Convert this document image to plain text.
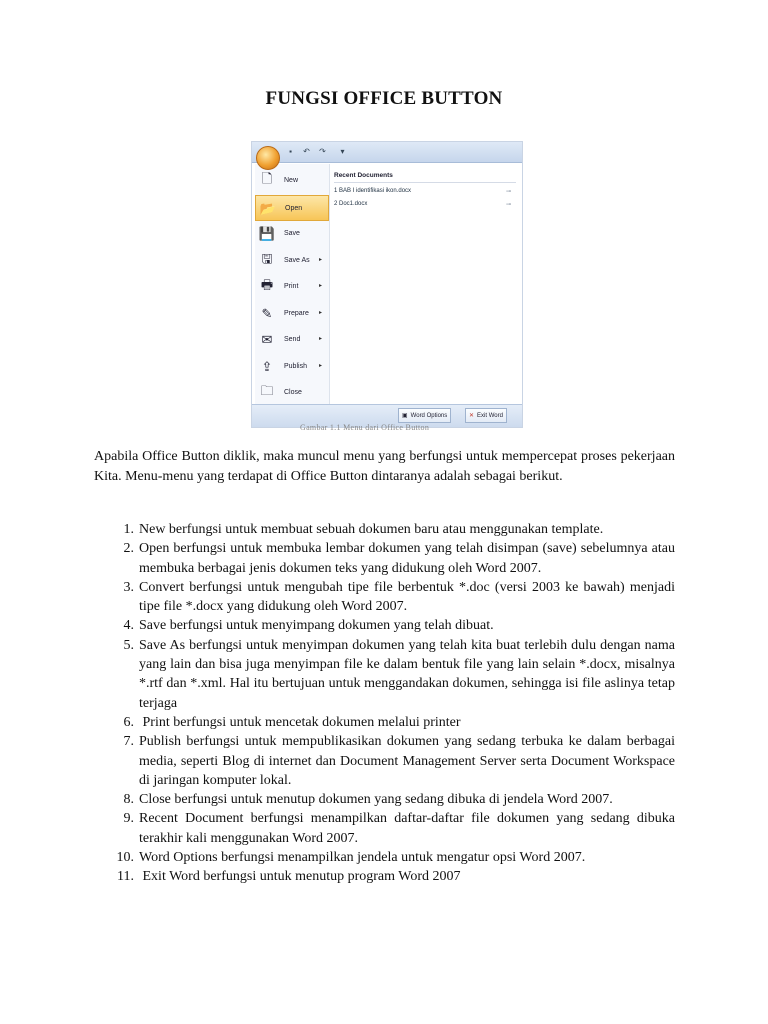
FUNGSI OFFICE BUTTON
▪	↶ ↷	▾
🗋	New
📂 Open
💾 Save
🖫	Save As ▸
🖶 Print	▸
✎	Prepare ▸
✉	Send	▸
⇪	Publish ▸
🗀 Close
Recent Documents
1 BAB I identifikasi ikon.docx	⊸
2 Doc1.docx	⊸
▣ Word Options	✕ Exit Word
Gambar 1.1 Menu dari Office Button

Apabila Office Button diklik, maka muncul menu yang berfungsi untuk mempercepat proses pekerjaan Kita. Menu-menu yang terdapat di Office Button dintaranya adalah sebagai berikut.

1. New berfungsi untuk membuat sebuah dokumen baru atau menggunakan template.
2. Open berfungsi untuk membuka lembar dokumen yang telah disimpan (save) sebelumnya atau membuka berbagai jenis dokumen teks yang didukung oleh Word 2007.
3. Convert berfungsi untuk mengubah tipe file berbentuk *.doc (versi 2003 ke bawah) menjadi tipe file *.docx yang didukung oleh Word 2007.
4. Save berfungsi untuk menyimpang dokumen yang telah dibuat.
5. Save As berfungsi untuk menyimpan dokumen yang telah kita buat terlebih dulu dengan nama yang lain dan bisa juga menyimpan file ke dalam bentuk file yang lain selain *.docx, misalnya *.rtf dan *.xml. Hal itu bertujuan untuk menggandakan dokumen, sehingga isi file aslinya tetap terjaga
6. Print berfungsi untuk mencetak dokumen melalui printer
7. Publish berfungsi untuk mempublikasikan dokumen yang sedang terbuka ke dalam berbagai media, seperti Blog di internet dan Document Management Server serta Document Workspace di jaringan komputer lokal.
8. Close berfungsi untuk menutup dokumen yang sedang dibuka di jendela Word 2007.
9. Recent Document berfungsi menampilkan daftar-daftar file dokumen yang sedang dibuka terakhir kali menggunakan Word 2007.
10. Word Options berfungsi menampilkan jendela untuk mengatur opsi Word 2007.
11. Exit Word berfungsi untuk menutup program Word 2007
